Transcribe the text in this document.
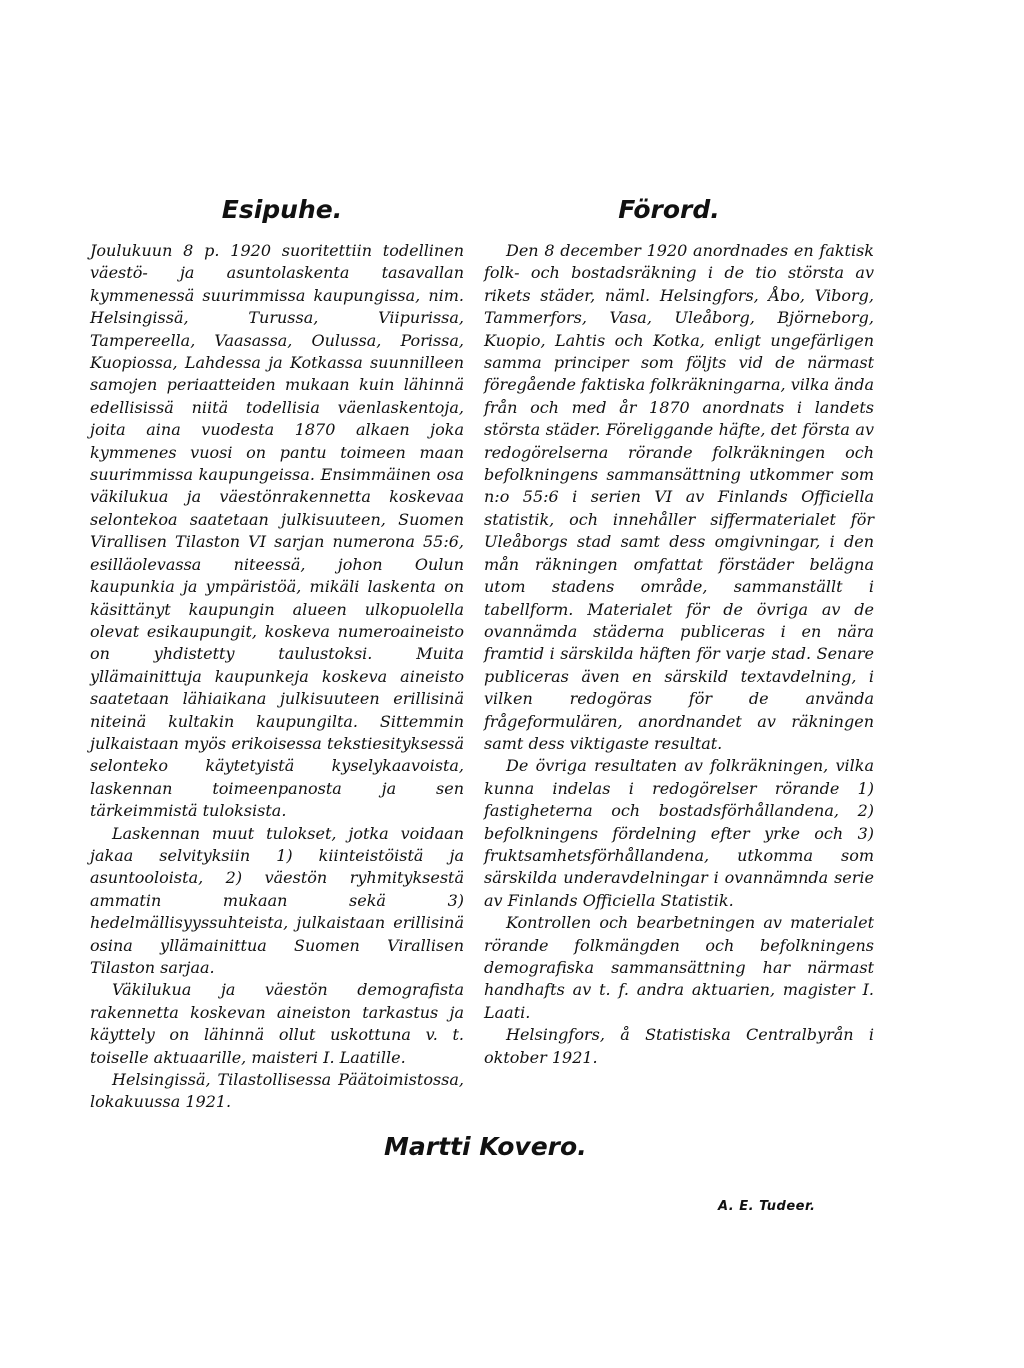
Esipuhe.

Joulukuun 8 p. 1920 suoritettiin todellinen väestö- ja asuntolaskenta tasavallan kymmenessä suurimmissa kaupungissa, nim. Helsingissä, Turussa, Viipurissa, Tampereella, Vaasassa, Oulussa, Porissa, Kuopiossa, Lahdessa ja Kotkassa suunnilleen samojen periaatteiden mukaan kuin lähinnä edellisissä niitä todellisia väenlaskentoja, joita aina vuodesta 1870 alkaen joka kymmenes vuosi on pantu toimeen maan suurimmissa kaupungeissa. Ensimmäinen osa väkilukua ja väestönrakennetta koskevaa selontekoa saatetaan julkisuuteen, Suomen Virallisen Tilaston VI sarjan numerona 55:6, esilläolevassa niteessä, johon Oulun kaupunkia ja ympäristöä, mikäli laskenta on käsittänyt kaupungin alueen ulkopuolella olevat esikaupungit, koskeva numeroaineisto on yhdistetty taulustoksi. Muita yllämainittuja kaupunkeja koskeva aineisto saatetaan lähiaikana julkisuuteen erillisinä niteinä kultakin kaupungilta. Sittemmin julkaistaan myös erikoisessa tekstiesityksessä selonteko käytetyistä kyselykaavoista, laskennan toimeenpanosta ja sen tärkeimmistä tuloksista.

Laskennan muut tulokset, jotka voidaan jakaa selvityksiin 1) kiinteistöistä ja asuntooloista, 2) väestön ryhmityksestä ammatin mukaan sekä 3) hedelmällisyyssuhteista, julkaistaan erillisinä osina yllämainittua Suomen Virallisen Tilaston sarjaa.

Väkilukua ja väestön demografista rakennetta koskevan aineiston tarkastus ja käyttely on lähinnä ollut uskottuna v. t. toiselle aktuaarille, maisteri I. Laatille.

Helsingissä, Tilastollisessa Päätoimistossa, lokakuussa 1921.

Förord.

Den 8 december 1920 anordnades en faktisk folk- och bostadsräkning i de tio största av rikets städer, näml. Helsingfors, Åbo, Viborg, Tammerfors, Vasa, Uleåborg, Björneborg, Kuopio, Lahtis och Kotka, enligt ungefärligen samma principer som följts vid de närmast föregående faktiska folkräkningarna, vilka ända från och med år 1870 anordnats i landets största städer. Föreliggande häfte, det första av redogörelserna rörande folkräkningen och befolkningens sammansättning utkommer som n:o 55:6 i serien VI av Finlands Officiella statistik, och innehåller siffermaterialet för Uleåborgs stad samt dess omgivningar, i den mån räkningen omfattat förstäder belägna utom stadens område, sammanställt i tabellform. Materialet för de övriga av de ovannämda städerna publiceras i en nära framtid i särskilda häften för varje stad. Senare publiceras även en särskild textavdelning, i vilken redogöras för de använda frågeformulären, anordnandet av räkningen samt dess viktigaste resultat.

De övriga resultaten av folkräkningen, vilka kunna indelas i redogörelser rörande 1) fastigheterna och bostadsförhållandena, 2) befolkningens fördelning efter yrke och 3) fruktsamhetsförhållandena, utkomma som särskilda underavdelningar i ovannämnda serie av Finlands Officiella Statistik.

Kontrollen och bearbetningen av materialet rörande folkmängden och befolkningens demografiska sammansättning har närmast handhafts av t. f. andra aktuarien, magister I. Laati.

Helsingfors, å Statistiska Centralbyrån i oktober 1921.

Martti Kovero.
A. E. Tudeer.
